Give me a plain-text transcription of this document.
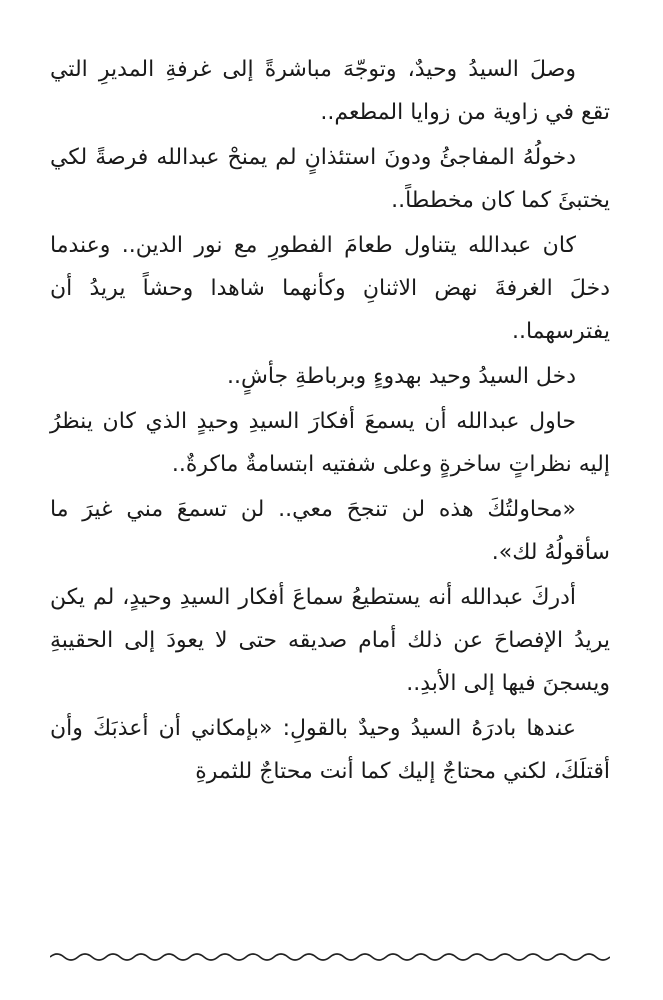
وصلَ السيدُ وحيدٌ، وتوجّهَ مباشرةً إلى غرفةِ المديرِ التي تقع في زاوية من زوايا المطعم..

دخولُهُ المفاجئُ ودونَ استئذانٍ لم يمنحْ عبدالله فرصةً لكي يختبئَ كما كان مخططاً..

كان عبدالله يتناول طعامَ الفطورِ مع نور الدين.. وعندما دخلَ الغرفةَ نهض الاثنانِ وكأنهما شاهدا وحشاً يريدُ أن يفترسهما..

دخل السيدُ وحيد بهدوءٍ وبرباطةِ جأشٍ..

حاول عبدالله أن يسمعَ أفكارَ السيدِ وحيدٍ الذي كان ينظرُ إليه نظراتٍ ساخرةٍ وعلى شفتيه ابتسامةٌ ماكرةٌ..

«محاولتُكَ هذه لن تنجحَ معي.. لن تسمعَ مني غيرَ ما سأقولُهُ لك».

أدركَ عبدالله أنه يستطيعُ سماعَ أفكار السيدِ وحيدٍ، لم يكن يريدُ الإفصاحَ عن ذلك أمام صديقه حتى لا يعودَ إلى الحقيبةِ ويسجنَ فيها إلى الأبدِ..

عندها بادرَهُ السيدُ وحيدٌ بالقولِ: «بإمكاني أن أعذبَكَ وأن أقتلَكَ، لكني محتاجٌ إليك كما أنت محتاجٌ للثمرةِ
